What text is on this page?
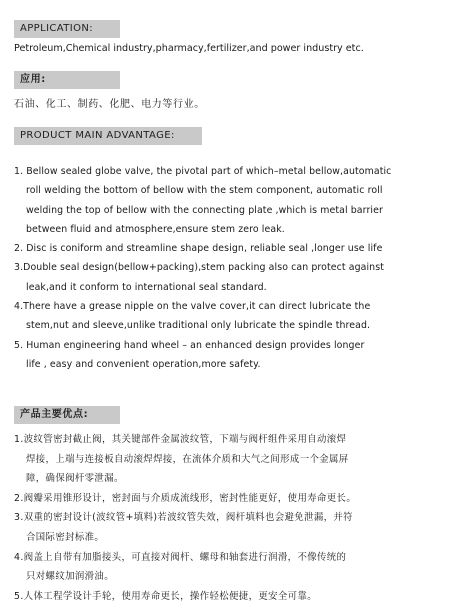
APPLICATION:
Petroleum,Chemical industry,pharmacy,fertilizer,and power industry etc.
应用:
石油、化工、制药、化肥、电力等行业。
PRODUCT MAIN ADVANTAGE:
1. Bellow sealed globe valve, the pivotal part of which–metal bellow,automatic
roll welding the bottom of bellow with the stem component, automatic roll
welding the top of bellow with the connecting plate ,which is metal barrier
between fluid and atmosphere,ensure stem zero leak.
2. Disc is coniform and streamline shape design, reliable seal ,longer use life
3.Double seal design(bellow+packing),stem packing also can protect against
leak,and it conform to international seal standard.
4.There have a grease nipple on the valve cover,it can direct lubricate the
stem,nut and sleeve,unlike traditional only lubricate the spindle thread.
5. Human engineering hand wheel – an enhanced design provides longer
life , easy and convenient operation,more safety.
产品主要优点:
1.波纹管密封截止阀，其关键部件金属波纹管，下端与阀杆组件采用自动滚焊
焊接，上端与连接板自动滚焊焊接，在流体介质和大气之间形成一个金属屏
障，确保阀杆零泄漏。
2.阀瓣采用锥形设计，密封面与介质成流线形，密封性能更好，使用寿命更长。
3.双重的密封设计(波纹管+填料)若波纹管失效，阀杆填料也会避免泄漏，并符
合国际密封标准。
4.阀盖上自带有加脂接头，可直接对阀杆、螺母和轴套进行润滑，不像传统的
只对螺纹加润滑油。
5.人体工程学设计手轮，使用寿命更长，操作轻松便捷，更安全可靠。
